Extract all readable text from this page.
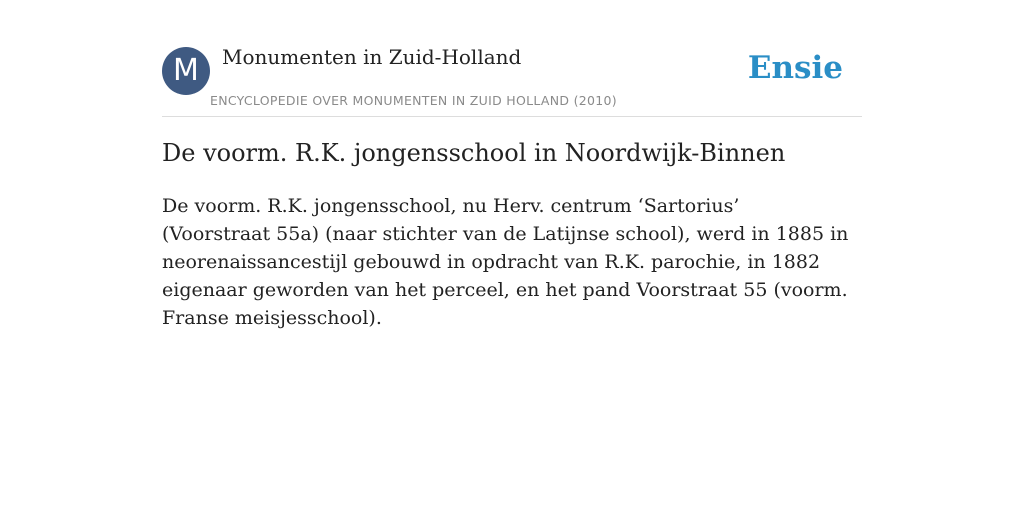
M Monumenten in Zuid-Holland
ENCYCLOPEDIE OVER MONUMENTEN IN ZUID HOLLAND (2010)
Ensie
De voorm. R.K. jongensschool in Noordwijk-Binnen

De voorm. R.K. jongensschool, nu Herv. centrum ‘Sartorius’ (Voorstraat 55a) (naar stichter van de Latijnse school), werd in 1885 in neorenaissancestijl gebouwd in opdracht van R.K. parochie, in 1882 eigenaar geworden van het perceel, en het pand Voorstraat 55 (voorm. Franse meisjesschool).
